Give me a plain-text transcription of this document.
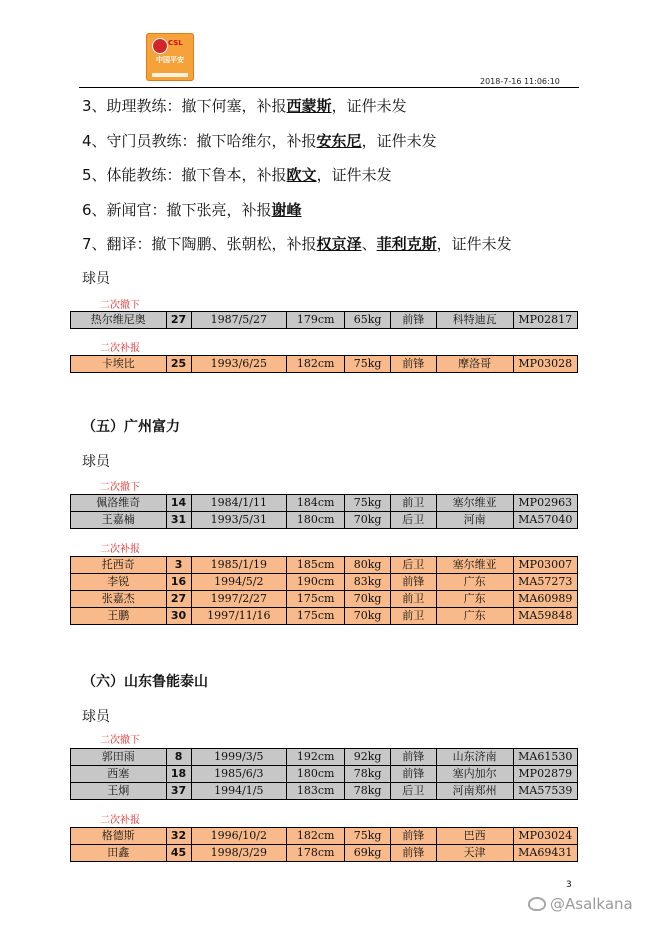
CSL
中国平安
2018-7-16 11:06:10
3、助理教练：撤下何塞，补报西蒙斯，证件未发
4、守门员教练：撤下哈维尔，补报安东尼，证件未发
5、体能教练：撤下鲁本，补报欧文，证件未发
6、新闻官：撤下张亮，补报谢峰
7、翻译：撤下陶鹏、张朝松，补报权京泽、菲利克斯，证件未发
球员
二次撤下
热尔维尼奥	27	1987/5/27	179cm	65kg	前锋	科特迪瓦	MP02817
二次补报
卡埃比	25	1993/6/25	182cm	75kg	前锋	摩洛哥	MP03028
（五）广州富力
球员
二次撤下
佩洛维奇	14	1984/1/11	184cm	75kg	前卫	塞尔维亚	MP02963
王嘉楠	31	1993/5/31	180cm	70kg	后卫	河南	MA57040
二次补报
托西奇	3	1985/1/19	185cm	80kg	后卫	塞尔维亚	MP03007
李锐	16	1994/5/2	190cm	83kg	前锋	广东	MA57273
张嘉杰	27	1997/2/27	175cm	70kg	前卫	广东	MA60989
王鹏	30	1997/11/16	175cm	70kg	前卫	广东	MA59848
（六）山东鲁能泰山
球员
二次撤下
郭田雨	8	1999/3/5	192cm	92kg	前锋	山东济南	MA61530
西塞	18	1985/6/3	180cm	78kg	前锋	塞内加尔	MP02879
王炯	37	1994/1/5	183cm	78kg	后卫	河南郑州	MA57539
二次补报
格德斯	32	1996/10/2	182cm	75kg	前锋	巴西	MP03024
田鑫	45	1998/3/29	178cm	69kg	前锋	天津	MA69431
3
@Asalkana
